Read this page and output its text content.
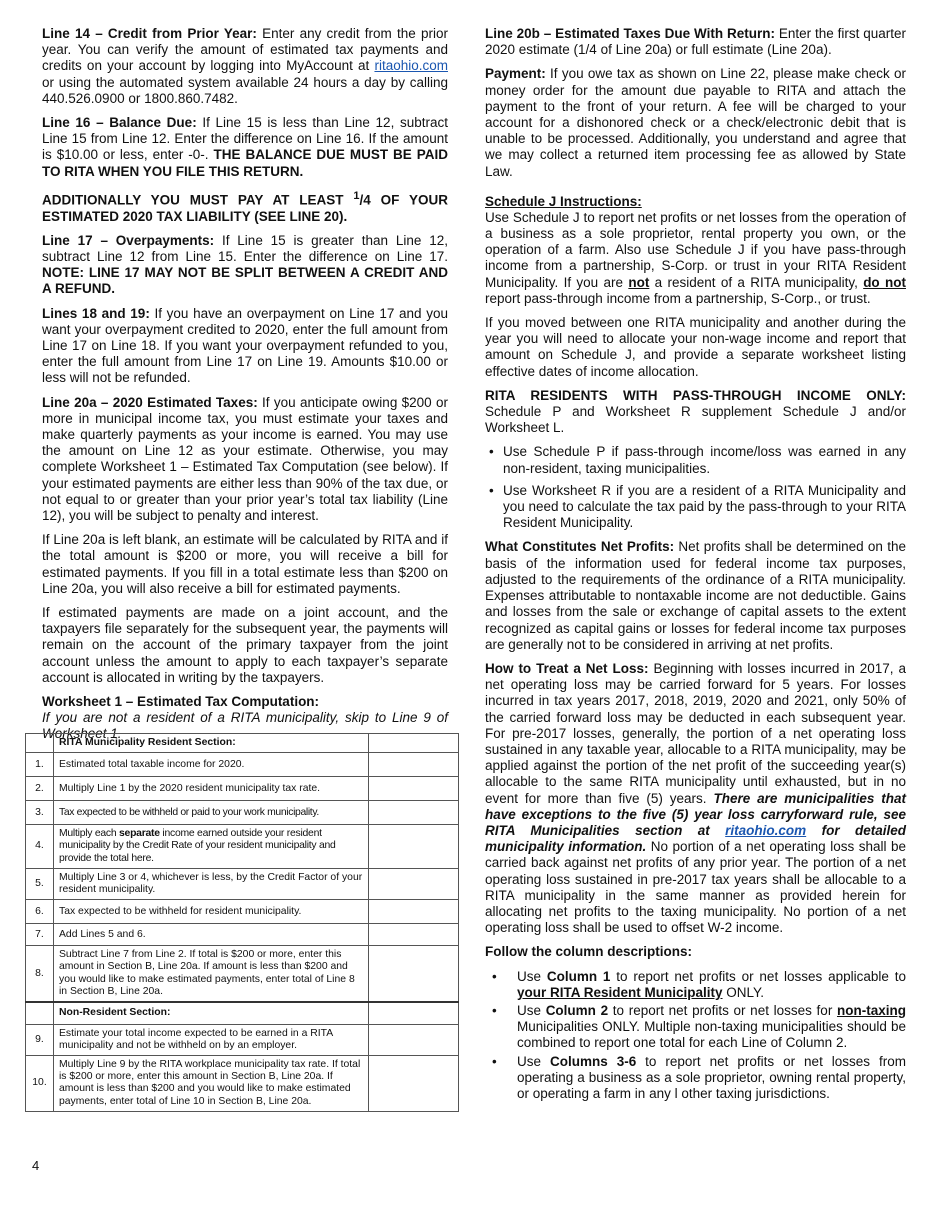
Line 14 – Credit from Prior Year: Enter any credit from the prior year. You can verify the amount of estimated tax payments and credits on your account by logging into MyAccount at ritaohio.com or using the automated system available 24 hours a day by calling 440.526.0900 or 1800.860.7482.

Line 16 – Balance Due: If Line 15 is less than Line 12, subtract Line 15 from Line 12. Enter the difference on Line 16. If the amount is $10.00 or less, enter -0-. THE BALANCE DUE MUST BE PAID TO RITA WHEN YOU FILE THIS RETURN.

ADDITIONALLY YOU MUST PAY AT LEAST $^1$/4 OF YOUR ESTIMATED 2020 TAX LIABILITY (SEE LINE 20).

Line 17 – Overpayments: If Line 15 is greater than Line 12, subtract Line 12 from Line 15. Enter the difference on Line 17. NOTE: LINE 17 MAY NOT BE SPLIT BETWEEN A CREDIT AND A REFUND.

Lines 18 and 19: If you have an overpayment on Line 17 and you want your overpayment credited to 2020, enter the full amount from Line 17 on Line 18. If you want your overpayment refunded to you, enter the full amount from Line 17 on Line 19. Amounts $10.00 or less will not be refunded.

Line 20a – 2020 Estimated Taxes: If you anticipate owing $200 or more in municipal income tax, you must estimate your taxes and make quarterly payments as your income is earned. You may use the amount on Line 12 as your estimate. Otherwise, you may complete Worksheet 1 – Estimated Tax Computation (see below). If your estimated payments are either less than 90% of the tax due, or not equal to or greater than your prior year’s total tax liability (Line 12), you will be subject to penalty and interest.

If Line 20a is left blank, an estimate will be calculated by RITA and if the total amount is $200 or more, you will receive a bill for estimated payments. If you fill in a total estimate less than $200 on Line 20a, you will also receive a bill for estimated payments.

If estimated payments are made on a joint account, and the taxpayers file separately for the subsequent year, the payments will remain on the account of the primary taxpayer from the joint account unless the amount to apply to each taxpayer’s separate account is allocated in writing by the taxpayers.

Worksheet 1 – Estimated Tax Computation:

If you are not a resident of a RITA municipality, skip to Line 9 of Worksheet 1.

	RITA Municipality Resident Section:	
1.	Estimated total taxable income for 2020.	
2.	Multiply Line 1 by the 2020 resident municipality tax rate.	
3.	Tax expected to be withheld or paid to your work municipality.	
4.	Multiply each separate income earned outside your resident municipality by the Credit Rate of your resident municipality and provide the total here.	
5.	Multiply Line 3 or 4, whichever is less, by the Credit Factor of your resident municipality.	
6.	Tax expected to be withheld for resident municipality.	
7.	Add Lines 5 and 6.	
8.	Subtract Line 7 from Line 2. If total is $200 or more, enter this amount in Section B, Line 20a. If amount is less than $200 and you would like to make estimated payments, enter total of Line 8 in Section B, Line 20a.	
	Non-Resident Section:	
9.	Estimate your total income expected to be earned in a RITA municipality and not be withheld on by an employer.	
10.	Multiply Line 9 by the RITA workplace municipality tax rate. If total is $200 or more, enter this amount in Section B, Line 20a. If amount is less than $200 and you would like to make estimated payments, enter total of Line 10 in Section B, Line 20a.	

Line 20b – Estimated Taxes Due With Return: Enter the first quarter 2020 estimate (1/4 of Line 20a) or full estimate (Line 20a).

Payment: If you owe tax as shown on Line 22, please make check or money order for the amount due payable to RITA and attach the payment to the front of your return. A fee will be charged to your account for a dishonored check or a check/electronic debit that is unable to be processed. Additionally, you understand and agree that we may collect a returned item processing fee as allowed by State Law.

Schedule J Instructions:

Use Schedule J to report net profits or net losses from the operation of a business as a sole proprietor, rental property you own, or the operation of a farm. Also use Schedule J if you have pass-through income from a partnership, S-Corp. or trust in your RITA Resident Municipality. If you are not a resident of a RITA municipality, do not report pass-through income from a partnership, S-Corp., or trust.

If you moved between one RITA municipality and another during the year you will need to allocate your non-wage income and report that amount on Schedule J, and provide a separate worksheet listing effective dates of income allocation.

RITA RESIDENTS WITH PASS-THROUGH INCOME ONLY: Schedule P and Worksheet R supplement Schedule J and/or Worksheet L.

• Use Schedule P if pass-through income/loss was earned in any non-resident, taxing municipalities.
• Use Worksheet R if you are a resident of a RITA Municipality and you need to calculate the tax paid by the pass-through to your RITA Resident Municipality.

What Constitutes Net Profits: Net profits shall be determined on the basis of the information used for federal income tax purposes, adjusted to the requirements of the ordinance of a RITA municipality. Expenses attributable to nontaxable income are not deductible. Gains and losses from the sale or exchange of capital assets to the extent recognized as capital gains or losses for federal income tax purposes are generally not to be considered in arriving at net profits.

How to Treat a Net Loss: Beginning with losses incurred in 2017, a net operating loss may be carried forward for 5 years. For losses incurred in tax years 2017, 2018, 2019, 2020 and 2021, only 50% of the carried forward loss may be deducted in each subsequent year. For pre-2017 losses, generally, the portion of a net operating loss sustained in any taxable year, allocable to a RITA municipality, may be applied against the portion of the net profit of the succeeding year(s) allocable to the same RITA municipality until exhausted, but in no event for more than five (5) years. There are municipalities that have exceptions to the five (5) year loss carryforward rule, see RITA Municipalities section at ritaohio.com for detailed municipality information. No portion of a net operating loss shall be carried back against net profits of any prior year. The portion of a net operating loss sustained in pre-2017 tax years shall be allocable to a RITA municipality in the same manner as provided herein for allocating net profits to the taxing municipality. No portion of a net operating loss shall be used to offset W-2 income.

Follow the column descriptions:

• Use Column 1 to report net profits or net losses applicable to your RITA Resident Municipality ONLY.
• Use Column 2 to report net profits or net losses for non-taxing Municipalities ONLY. Multiple non-taxing municipalities should be combined to report one total for each Line of Column 2.
• Use Columns 3-6 to report net profits or net losses from operating a business as a sole proprietor, owning rental property, or operating a farm in any l other taxing jurisdictions.
4
